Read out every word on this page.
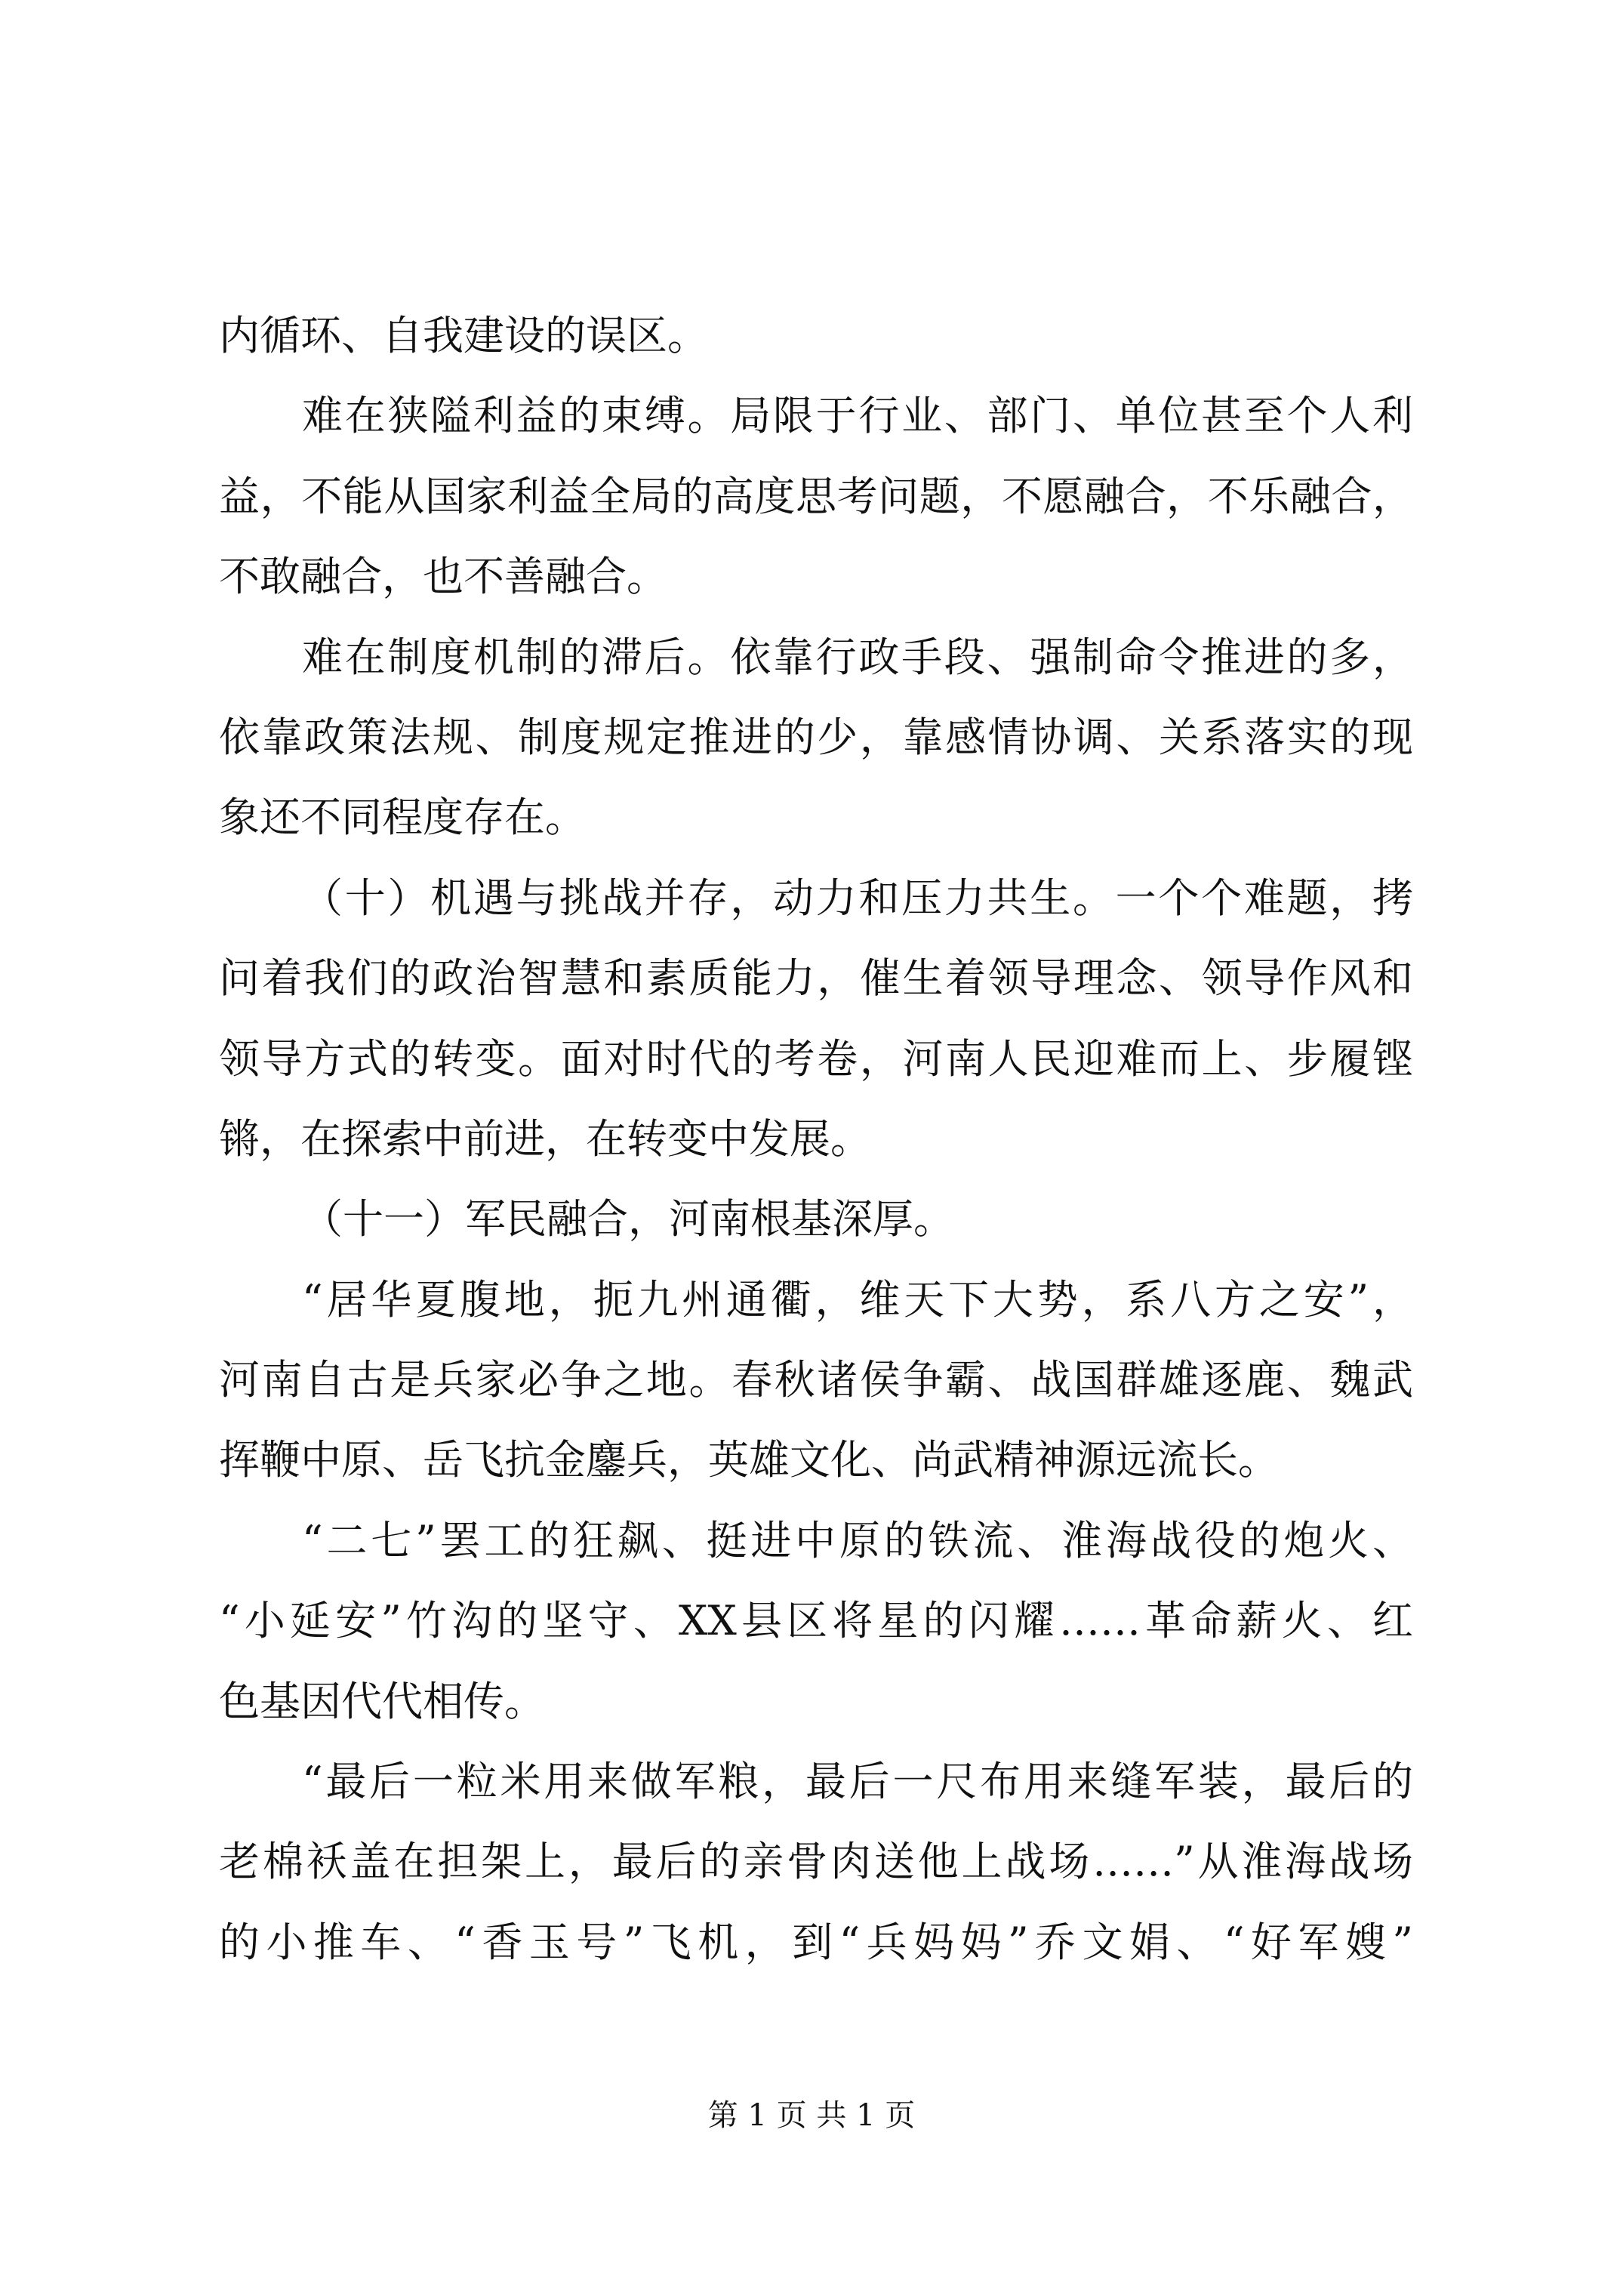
内循环、自我建设的误区。
难在狭隘利益的束缚。局限于行业、部门、单位甚至个人利
益，不能从国家利益全局的高度思考问题，不愿融合，不乐融合，
不敢融合，也不善融合。
难在制度机制的滞后。依靠行政手段、强制命令推进的多，
依靠政策法规、制度规定推进的少，靠感情协调、关系落实的现
象还不同程度存在。
（十）机遇与挑战并存，动力和压力共生。一个个难题，拷
问着我们的政治智慧和素质能力，催生着领导理念、领导作风和
领导方式的转变。面对时代的考卷，河南人民迎难而上、步履铿
锵，在探索中前进，在转变中发展。
（十一）军民融合，河南根基深厚。
“居华夏腹地，扼九州通衢，维天下大势，系八方之安”，
河南自古是兵家必争之地。春秋诸侯争霸、战国群雄逐鹿、魏武
挥鞭中原、岳飞抗金鏖兵，英雄文化、尚武精神源远流长。
“二七”罢工的狂飙、挺进中原的铁流、淮海战役的炮火、
“小延安”竹沟的坚守、XX县区将星的闪耀……革命薪火、红
色基因代代相传。
“最后一粒米用来做军粮，最后一尺布用来缝军装，最后的
老棉袄盖在担架上，最后的亲骨肉送他上战场……”从淮海战场
的小推车、“香玉号”飞机，到“兵妈妈”乔文娟、“好军嫂”
第 1 页 共 1 页
